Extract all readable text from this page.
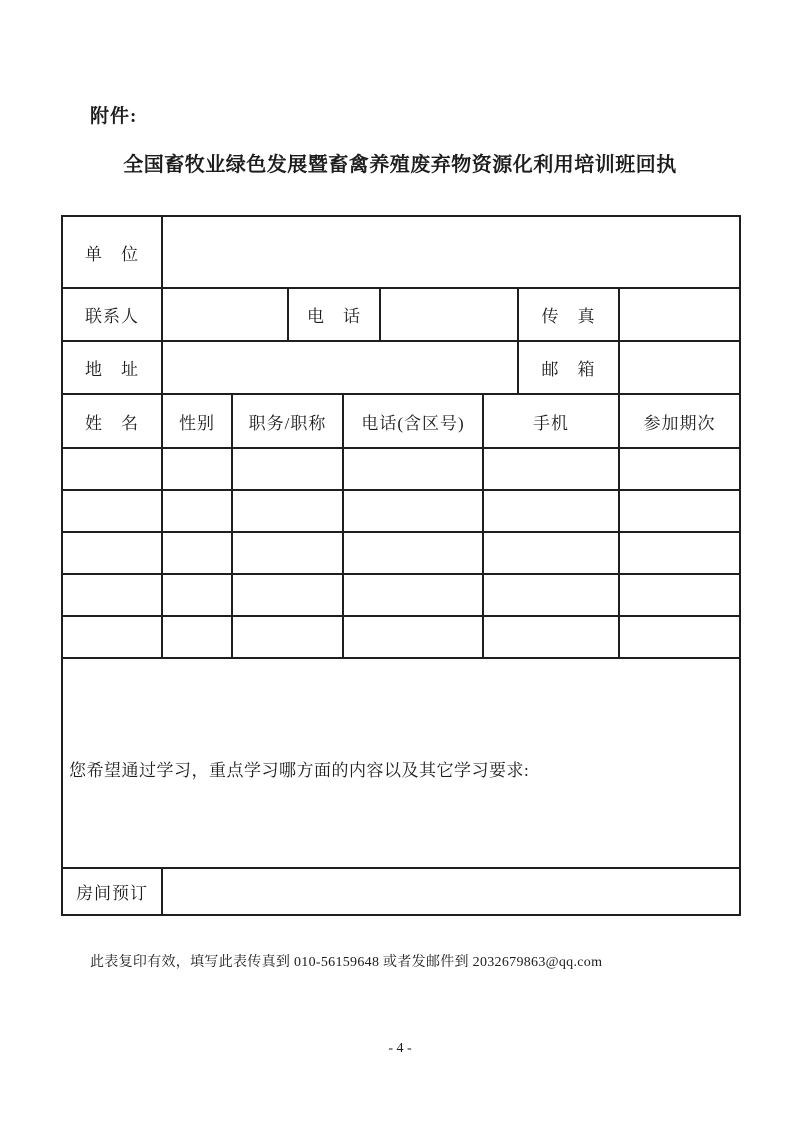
附件:
全国畜牧业绿色发展暨畜禽养殖废弃物资源化利用培训班回执
单　位								
联系人			电　话				传　真	
地　址							邮　箱	
姓　名	性别	职务/职称		电话(含区号)		手机		参加期次

您希望通过学习，重点学习哪方面的内容以及其它学习要求:								

房间预订								
此表复印有效，填写此表传真到 010-56159648 或者发邮件到 2032679863@qq.com
- 4 -
